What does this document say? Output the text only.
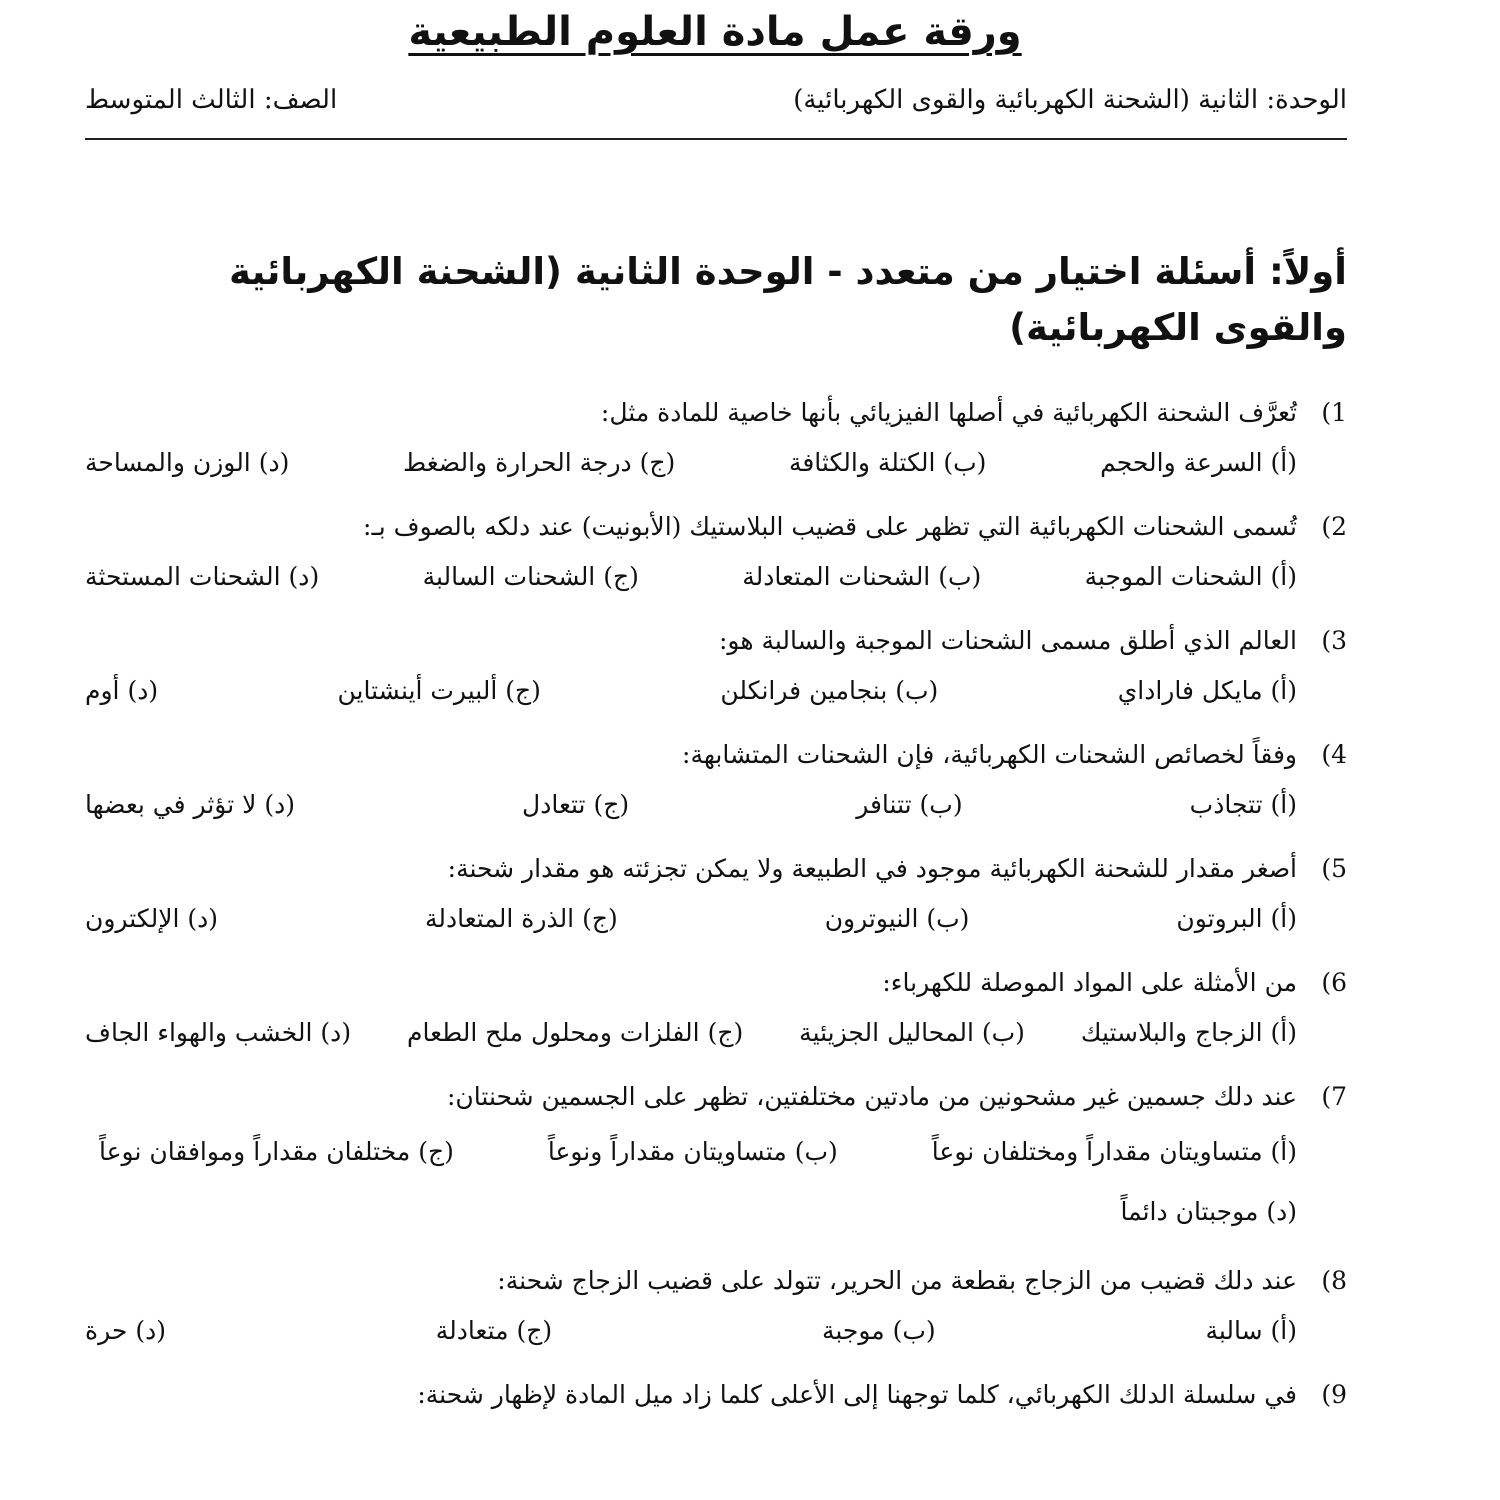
ورقة عمل مادة العلوم الطبيعية
الوحدة: الثانية (الشحنة الكهربائية والقوى الكهربائية)
الصف: الثالث المتوسط
أولاً: أسئلة اختيار من متعدد - الوحدة الثانية (الشحنة الكهربائية والقوى الكهربائية)
1)
تُعرَّف الشحنة الكهربائية في أصلها الفيزيائي بأنها خاصية للمادة مثل:
(أ) السرعة والحجم
(ب) الكتلة والكثافة
(ج) درجة الحرارة والضغط
(د) الوزن والمساحة
2)
تُسمى الشحنات الكهربائية التي تظهر على قضيب البلاستيك (الأبونيت) عند دلكه بالصوف بـ:
(أ) الشحنات الموجبة
(ب) الشحنات المتعادلة
(ج) الشحنات السالبة
(د) الشحنات المستحثة
3)
العالم الذي أطلق مسمى الشحنات الموجبة والسالبة هو:
(أ) مايكل فاراداي
(ب) بنجامين فرانكلن
(ج) ألبيرت أينشتاين
(د) أوم
4)
وفقاً لخصائص الشحنات الكهربائية، فإن الشحنات المتشابهة:
(أ) تتجاذب
(ب) تتنافر
(ج) تتعادل
(د) لا تؤثر في بعضها
5)
أصغر مقدار للشحنة الكهربائية موجود في الطبيعة ولا يمكن تجزئته هو مقدار شحنة:
(أ) البروتون
(ب) النيوترون
(ج) الذرة المتعادلة
(د) الإلكترون
6)
من الأمثلة على المواد الموصلة للكهرباء:
(أ) الزجاج والبلاستيك
(ب) المحاليل الجزيئية
(ج) الفلزات ومحلول ملح الطعام
(د) الخشب والهواء الجاف
7)
عند دلك جسمين غير مشحونين من مادتين مختلفتين، تظهر على الجسمين شحنتان:
(أ) متساويتان مقداراً ومختلفان نوعاً (ب) متساويتان مقداراً ونوعاً (ج) مختلفان مقداراً وموافقان نوعاً (د) موجبتان دائماً
8)
عند دلك قضيب من الزجاج بقطعة من الحرير، تتولد على قضيب الزجاج شحنة:
(أ) سالبة
(ب) موجبة
(ج) متعادلة
(د) حرة
9)
في سلسلة الدلك الكهربائي، كلما توجهنا إلى الأعلى كلما زاد ميل المادة لإظهار شحنة:
